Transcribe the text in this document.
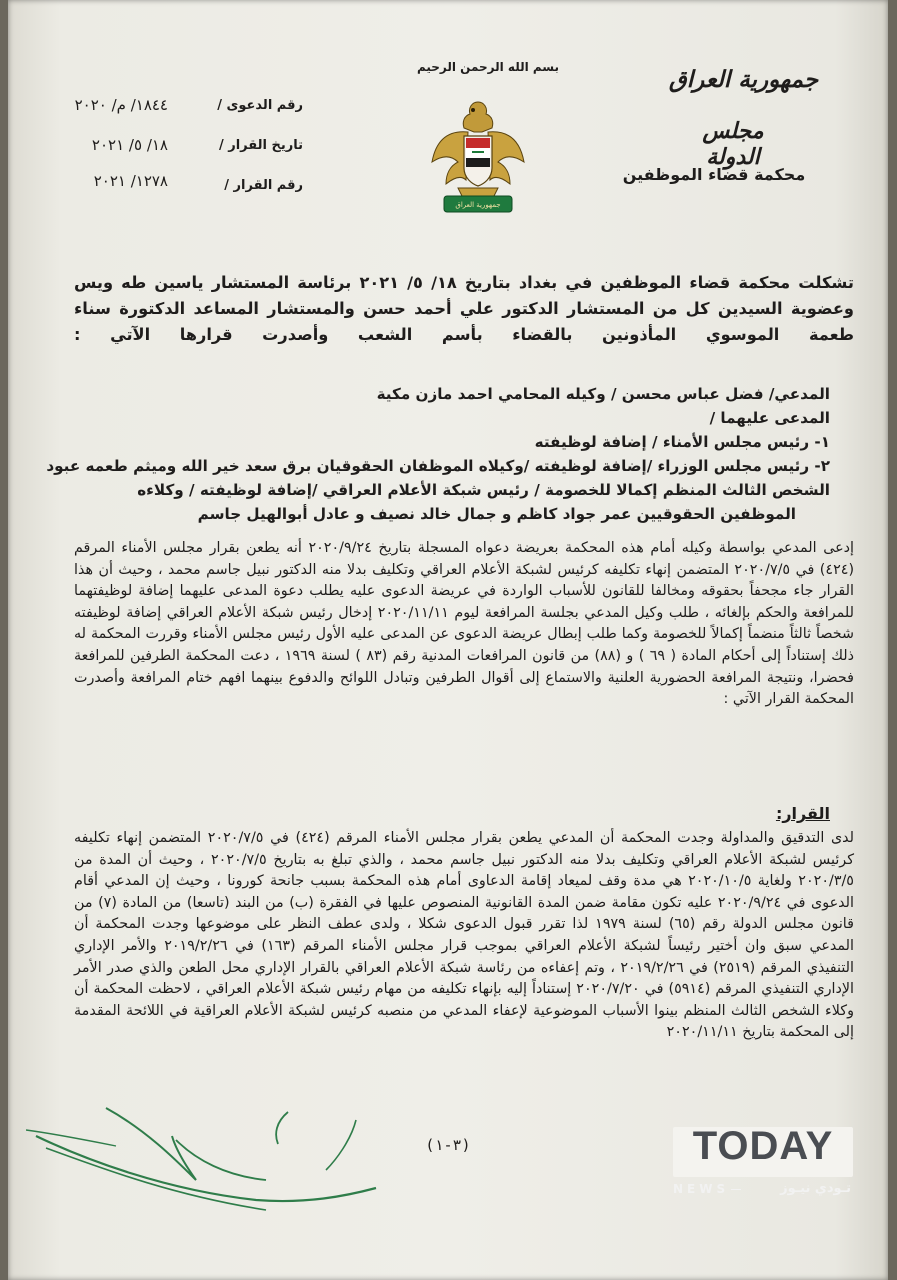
بسم الله الرحمن الرحيم	جمهورية العراق
مجلس الدولة
محكمة قضاء الموظفين
رقم الدعوى /
١٨٤٤/ م/ ٢٠٢٠
تاريخ القرار /
١٨/ ٥/ ٢٠٢١
رقم القرار /
١٢٧٨/ ٢٠٢١
جمهورية العراق
تشكلت محكمة قضاء الموظفين في بغداد بتاريخ ١٨/ ٥/ ٢٠٢١ برئاسة المستشار ياسين طه ويس وعضوية السيدين كل من المستشار الدكتور علي أحمد حسن والمستشار المساعد الدكتورة سناء طعمة الموسوي المأذونين بالقضاء بأسم الشعب وأصدرت قرارها الآتي :
المدعي/ فضل عباس محسن / وكيله المحامي احمد مازن مكية
المدعى عليهما /
١- رئيس مجلس الأمناء / إضافة لوظيفته
٢- رئيس مجلس الوزراء /إضافة لوظيفته /وكيلاه الموظفان الحقوقيان برق سعد خير الله وميثم طعمه عبود
الشخص الثالث المنظم إكمالا للخصومة / رئيس شبكة الأعلام العراقي /إضافة لوظيفته / وكلاءه
الموظفين الحقوقيين عمر جواد كاظم و جمال خالد نصيف و عادل أبوالهيل جاسم
إدعى المدعي بواسطة وكيله أمام هذه المحكمة بعريضة دعواه المسجلة بتاريخ ٢٠٢٠/٩/٢٤ أنه يطعن بقرار مجلس الأمناء المرقم (٤٢٤) في ٢٠٢٠/٧/٥ المتضمن إنهاء تكليفه كرئيس لشبكة الأعلام العراقي وتكليف بدلا منه الدكتور نبيل جاسم محمد ، وحيث أن هذا القرار جاء مجحفاً بحقوقه ومخالفا للقانون للأسباب الواردة في عريضة الدعوى عليه يطلب دعوة المدعى عليهما إضافة لوظيفتهما للمرافعة والحكم بإلغائه ، طلب وكيل المدعي بجلسة المرافعة ليوم ٢٠٢٠/١١/١١ إدخال رئيس شبكة الأعلام العراقي إضافة لوظيفته شخصاً ثالثاً منضماً إكمالاً للخصومة وكما طلب إبطال عريضة الدعوى عن المدعى عليه الأول رئيس مجلس الأمناء وقررت المحكمة له ذلك إستناداً إلى أحكام المادة ( ٦٩ ) و (٨٨) من قانون المرافعات المدنية رقم (٨٣ ) لسنة ١٩٦٩ ، دعت المحكمة الطرفين للمرافعة فحضرا، ونتيجة المرافعة الحضورية العلنية والاستماع إلى أقوال الطرفين وتبادل اللوائح والدفوع بينهما افهم ختام المرافعة وأصدرت المحكمة القرار الآتي :
القرار:
لدى التدقيق والمداولة وجدت المحكمة أن المدعي يطعن بقرار مجلس الأمناء المرقم (٤٢٤) في ٢٠٢٠/٧/٥ المتضمن إنهاء تكليفه كرئيس لشبكة الأعلام العراقي وتكليف بدلا منه الدكتور نبيل جاسم محمد ، والذي تبلغ به بتاريخ ٢٠٢٠/٧/٥ ، وحيث أن المدة من ٢٠٢٠/٣/٥ ولغاية ٢٠٢٠/١٠/٥ هي مدة وقف لميعاد إقامة الدعاوى أمام هذه المحكمة بسبب جانحة كورونا ، وحيث إن المدعي أقام الدعوى في ٢٠٢٠/٩/٢٤ عليه تكون مقامة ضمن المدة القانونية المنصوص عليها في الفقرة (ب) من البند (تاسعا) من المادة (٧) من قانون مجلس الدولة رقم (٦٥) لسنة ١٩٧٩ لذا تقرر قبول الدعوى شكلا ، ولدى عطف النظر على موضوعها وجدت المحكمة أن المدعي سبق وان أختير رئيساً لشبكة الأعلام العراقي بموجب قرار مجلس الأمناء المرقم (١٦٣) في ٢٠١٩/٢/٢٦ والأمر الإداري التنفيذي المرقم (٢٥١٩) في ٢٠١٩/٢/٢٦ ، وتم إعفاءه من رئاسة شبكة الأعلام العراقي بالقرار الإداري محل الطعن والذي صدر الأمر الإداري التنفيذي المرقم (٥٩١٤) في ٢٠٢٠/٧/٢٠ إستناداً إليه بإنهاء تكليفه من مهام رئيس شبكة الأعلام العراقي ، لاحظت المحكمة أن وكلاء الشخص الثالث المنظم بينوا الأسباب الموضوعية لإعفاء المدعي من منصبه كرئيس لشبكة الأعلام العراقية في اللائحة المقدمة إلى المحكمة بتاريخ ٢٠٢٠/١١/١١
(٣-١)	TODAY
NEWS	تـودي نيـوز
